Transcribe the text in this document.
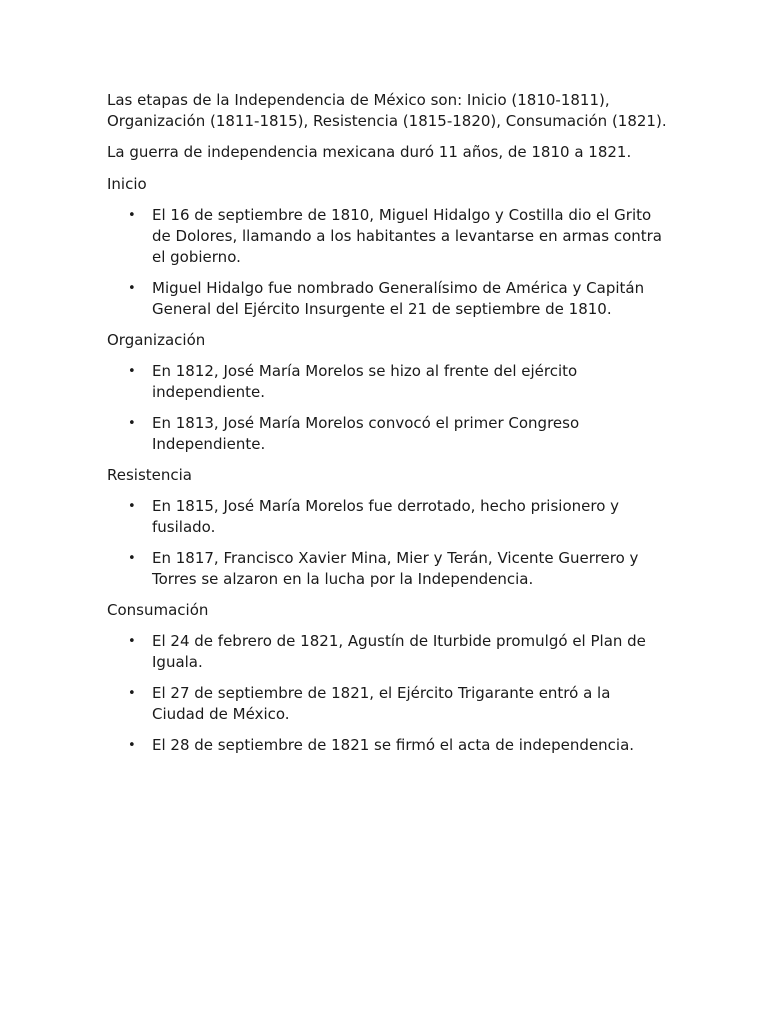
Las etapas de la Independencia de México son: Inicio (1810-1811), Organización (1811-1815), Resistencia (1815-1820), Consumación (1821).

La guerra de independencia mexicana duró 11 años, de 1810 a 1821.

Inicio

• El 16 de septiembre de 1810, Miguel Hidalgo y Costilla dio el Grito de Dolores, llamando a los habitantes a levantarse en armas contra el gobierno.
• Miguel Hidalgo fue nombrado Generalísimo de América y Capitán General del Ejército Insurgente el 21 de septiembre de 1810.

Organización

• En 1812, José María Morelos se hizo al frente del ejército independiente.
• En 1813, José María Morelos convocó el primer Congreso Independiente.

Resistencia

• En 1815, José María Morelos fue derrotado, hecho prisionero y fusilado.
• En 1817, Francisco Xavier Mina, Mier y Terán, Vicente Guerrero y Torres se alzaron en la lucha por la Independencia.

Consumación

• El 24 de febrero de 1821, Agustín de Iturbide promulgó el Plan de Iguala.
• El 27 de septiembre de 1821, el Ejército Trigarante entró a la Ciudad de México.
• El 28 de septiembre de 1821 se firmó el acta de independencia.
